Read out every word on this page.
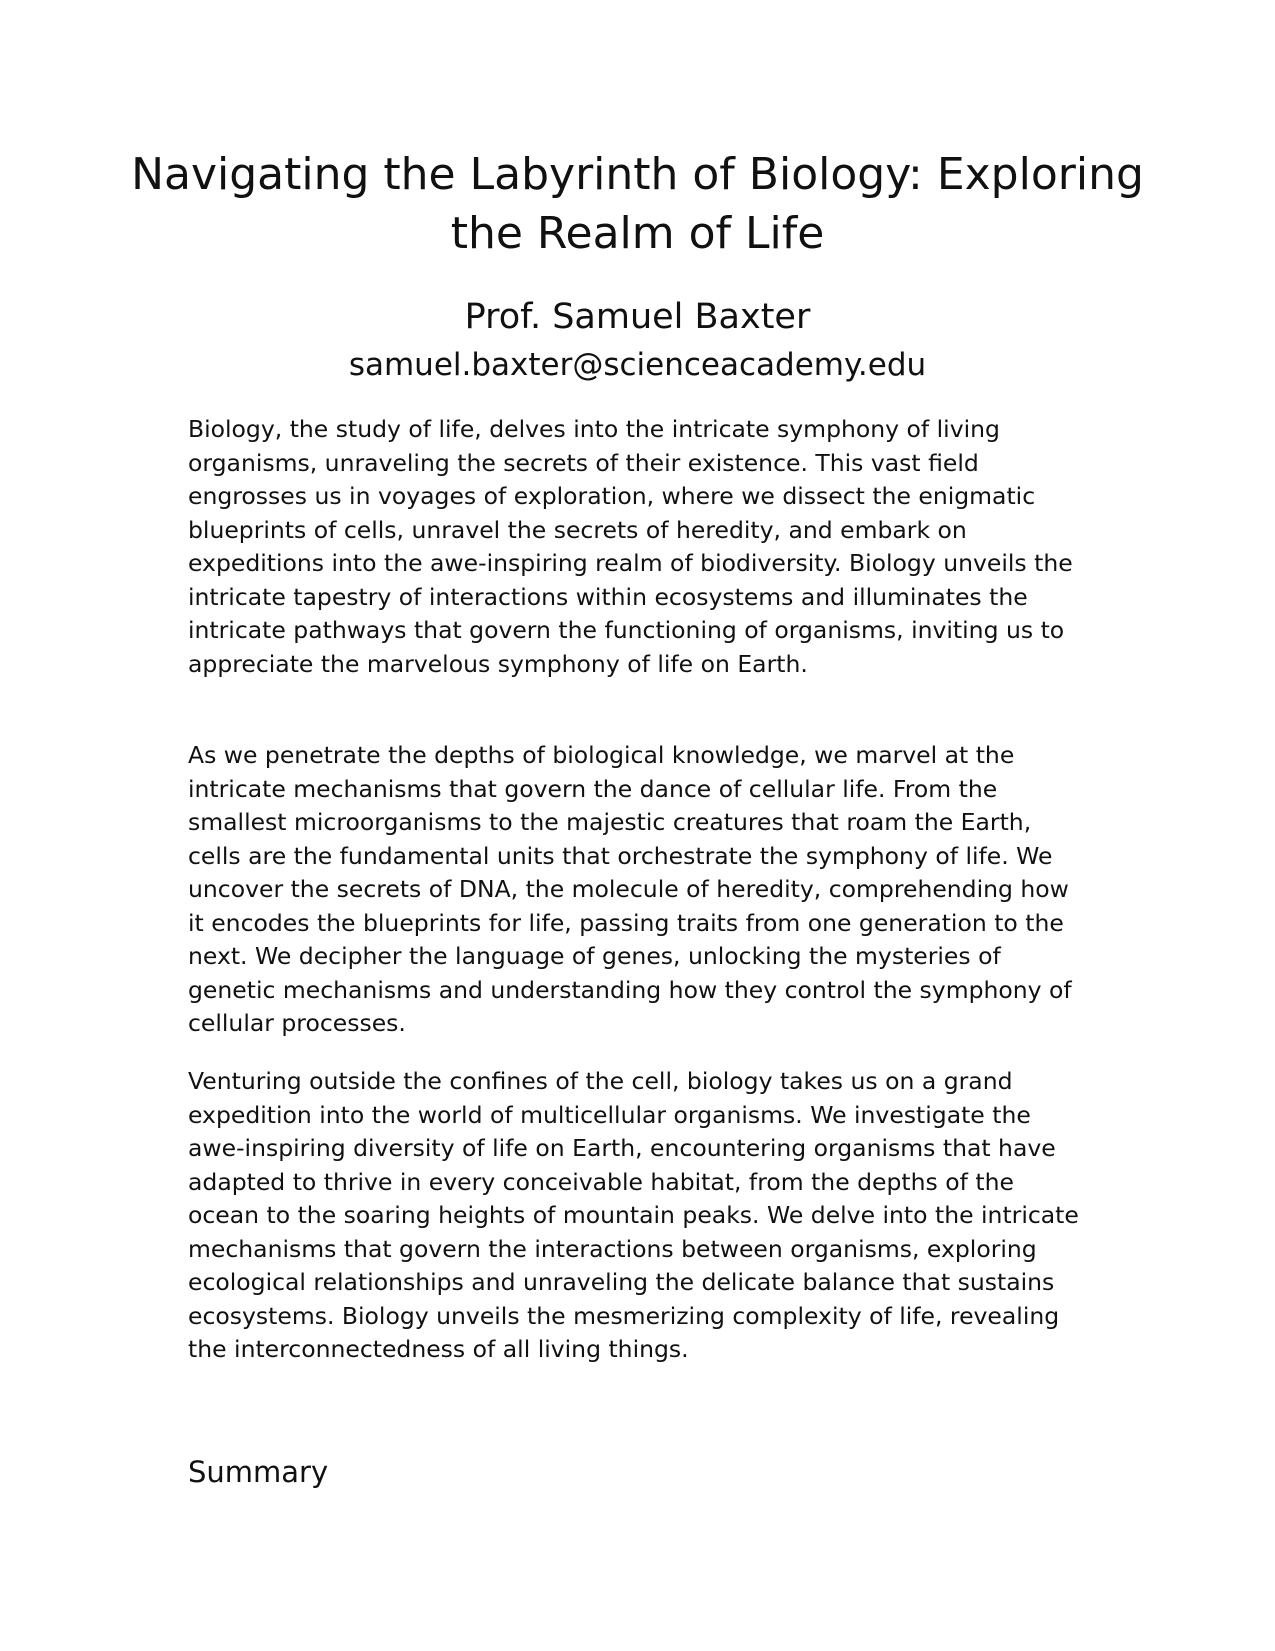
Navigating the Labyrinth of Biology: Exploring the Realm of Life
Prof. Samuel Baxter
samuel.baxter@scienceacademy.edu

Biology, the study of life, delves into the intricate symphony of living organisms, unraveling the secrets of their existence. This vast field engrosses us in voyages of exploration, where we dissect the enigmatic blueprints of cells, unravel the secrets of heredity, and embark on expeditions into the awe-inspiring realm of biodiversity. Biology unveils the intricate tapestry of interactions within ecosystems and illuminates the intricate pathways that govern the functioning of organisms, inviting us to appreciate the marvelous symphony of life on Earth.

As we penetrate the depths of biological knowledge, we marvel at the intricate mechanisms that govern the dance of cellular life. From the smallest microorganisms to the majestic creatures that roam the Earth, cells are the fundamental units that orchestrate the symphony of life. We uncover the secrets of DNA, the molecule of heredity, comprehending how it encodes the blueprints for life, passing traits from one generation to the next. We decipher the language of genes, unlocking the mysteries of genetic mechanisms and understanding how they control the symphony of cellular processes.

Venturing outside the confines of the cell, biology takes us on a grand expedition into the world of multicellular organisms. We investigate the awe-inspiring diversity of life on Earth, encountering organisms that have adapted to thrive in every conceivable habitat, from the depths of the ocean to the soaring heights of mountain peaks. We delve into the intricate mechanisms that govern the interactions between organisms, exploring ecological relationships and unraveling the delicate balance that sustains ecosystems. Biology unveils the mesmerizing complexity of life, revealing the interconnectedness of all living things.

Summary
